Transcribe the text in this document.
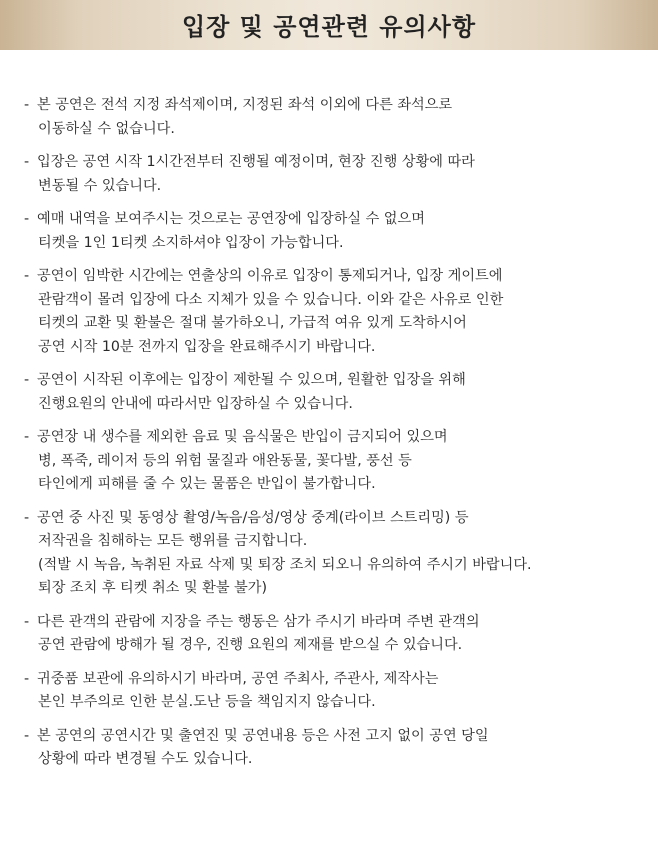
입장 및 공연관련 유의사항
- 본 공연은 전석 지정 좌석제이며, 지정된 좌석 이외에 다른 좌석으로
이동하실 수 없습니다.
- 입장은 공연 시작 1시간전부터 진행될 예정이며, 현장 진행 상황에 따라
변동될 수 있습니다.
- 예매 내역을 보여주시는 것으로는 공연장에 입장하실 수 없으며
티켓을 1인 1티켓 소지하셔야 입장이 가능합니다.
- 공연이 임박한 시간에는 연출상의 이유로 입장이 통제되거나, 입장 게이트에
관람객이 몰려 입장에 다소 지체가 있을 수 있습니다. 이와 같은 사유로 인한
티켓의 교환 및 환불은 절대 불가하오니, 가급적 여유 있게 도착하시어
공연 시작 10분 전까지 입장을 완료해주시기 바랍니다.
- 공연이 시작된 이후에는 입장이 제한될 수 있으며, 원활한 입장을 위해
진행요원의 안내에 따라서만 입장하실 수 있습니다.
- 공연장 내 생수를 제외한 음료 및 음식물은 반입이 금지되어 있으며
병, 폭죽, 레이저 등의 위험 물질과 애완동물, 꽃다발, 풍선 등
타인에게 피해를 줄 수 있는 물품은 반입이 불가합니다.
- 공연 중 사진 및 동영상 촬영/녹음/음성/영상 중계(라이브 스트리밍) 등
저작권을 침해하는 모든 행위를 금지합니다.
(적발 시 녹음, 녹취된 자료 삭제 및 퇴장 조치 되오니 유의하여 주시기 바랍니다.
퇴장 조치 후 티켓 취소 및 환불 불가)
- 다른 관객의 관람에 지장을 주는 행동은 삼가 주시기 바라며 주변 관객의
공연 관람에 방해가 될 경우, 진행 요원의 제재를 받으실 수 있습니다.
- 귀중품 보관에 유의하시기 바라며, 공연 주최사, 주관사, 제작사는
본인 부주의로 인한 분실.도난 등을 책임지지 않습니다.
- 본 공연의 공연시간 및 출연진 및 공연내용 등은 사전 고지 없이 공연 당일
상황에 따라 변경될 수도 있습니다.
